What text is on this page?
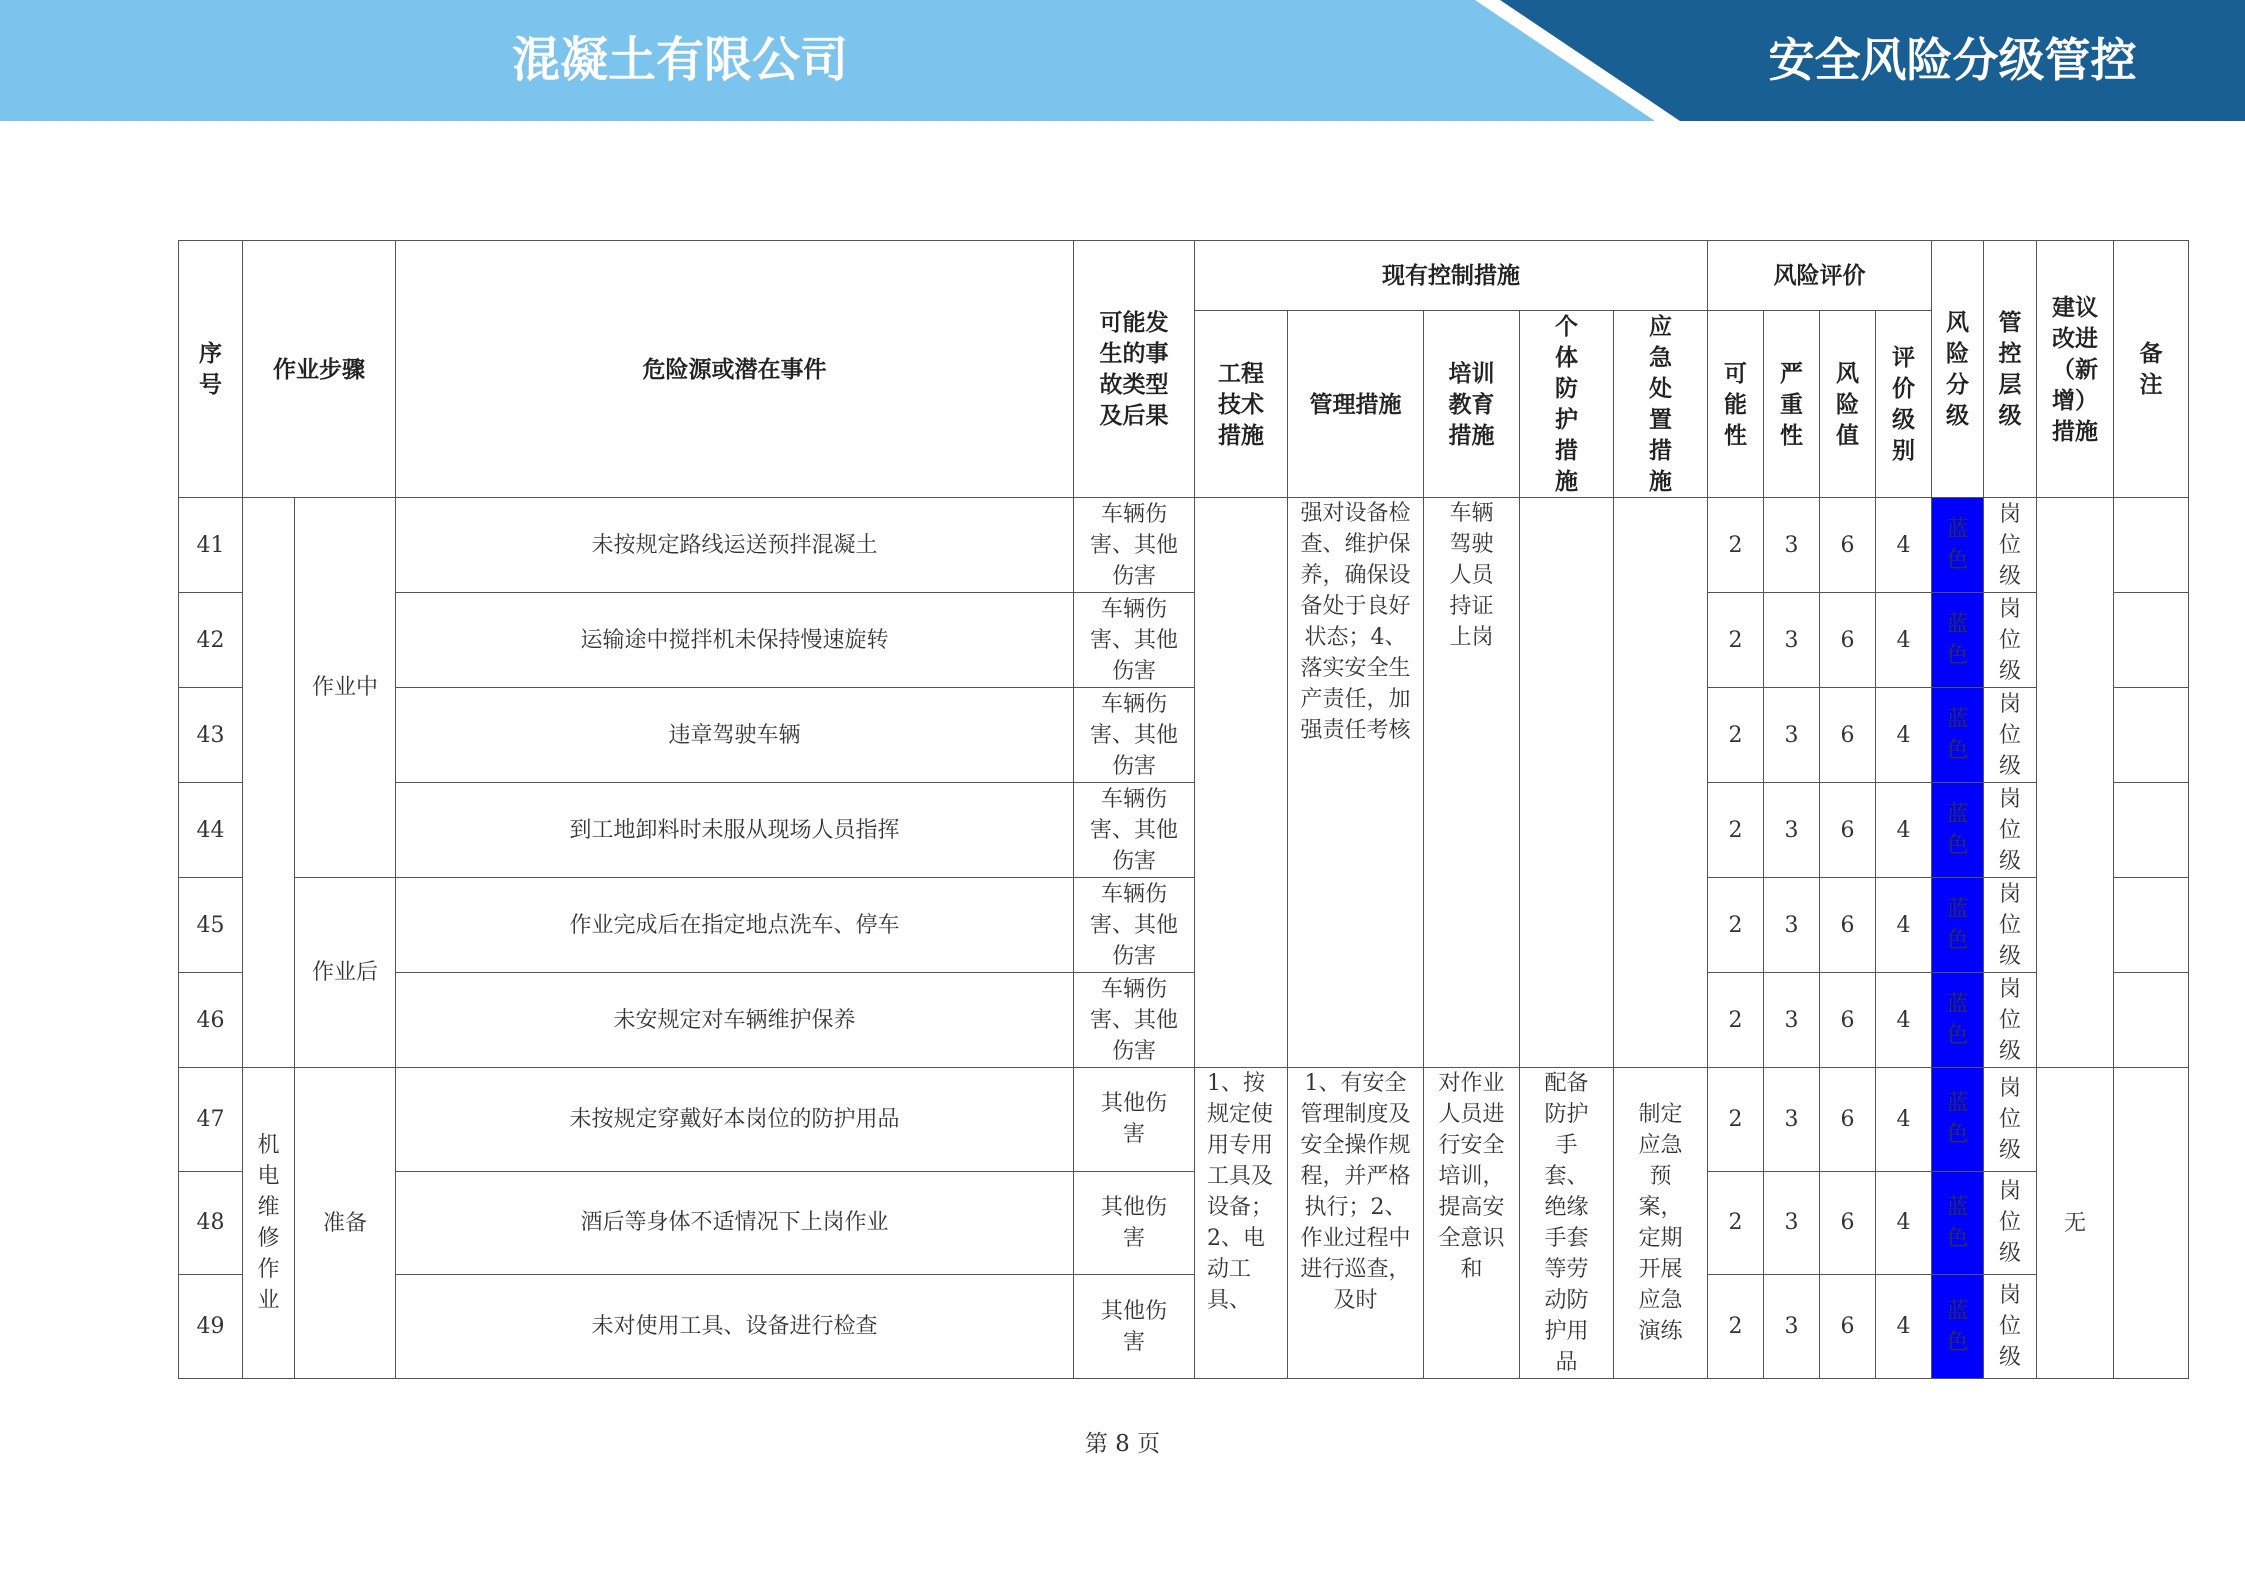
混凝土有限公司	安全风险分级管控
序号	作业步骤		危险源或潜在事件	可能发生的事故类型及后果	现有控制措施					风险评价				风险分级	管控层级	建议改进（新增）措施	备注
					工程技术措施	管理措施	培训教育措施	个体防护措施	应急处置措施	可能性	严重性	风险值	评价级别				
41		作业中	未按规定路线运送预拌混凝土	车辆伤害、其他伤害		强对设备检查、维护保养，确保设备处于良好状态；4、落实安全生产责任，加强责任考核	车辆驾驶人员持证上岗			2	3	6	4	蓝色	岗位级		
42			运输途中搅拌机未保持慢速旋转	车辆伤害、其他伤害						2	3	6	4	蓝色	岗位级		
43			违章驾驶车辆	车辆伤害、其他伤害						2	3	6	4	蓝色	岗位级		
44			到工地卸料时未服从现场人员指挥	车辆伤害、其他伤害						2	3	6	4	蓝色	岗位级		
45		作业后	作业完成后在指定地点洗车、停车	车辆伤害、其他伤害						2	3	6	4	蓝色	岗位级		
46			未安规定对车辆维护保养	车辆伤害、其他伤害						2	3	6	4	蓝色	岗位级		
47	机电维修作业	准备	未按规定穿戴好本岗位的防护用品	其他伤害	1、按规定使用专用工具及设备；2、电动工具、	1、有安全管理制度及安全操作规程，并严格执行；2、作业过程中进行巡查，及时	对作业人员进行安全培训，提高安全意识和	配备防护手套、绝缘手套等劳动防护用品	制定应急预案，定期开展应急演练	2	3	6	4	蓝色	岗位级	无	
48			酒后等身体不适情况下上岗作业	其他伤害						2	3	6	4	蓝色	岗位级		
49			未对使用工具、设备进行检查	其他伤害						2	3	6	4	蓝色	岗位级		
第 8 页
